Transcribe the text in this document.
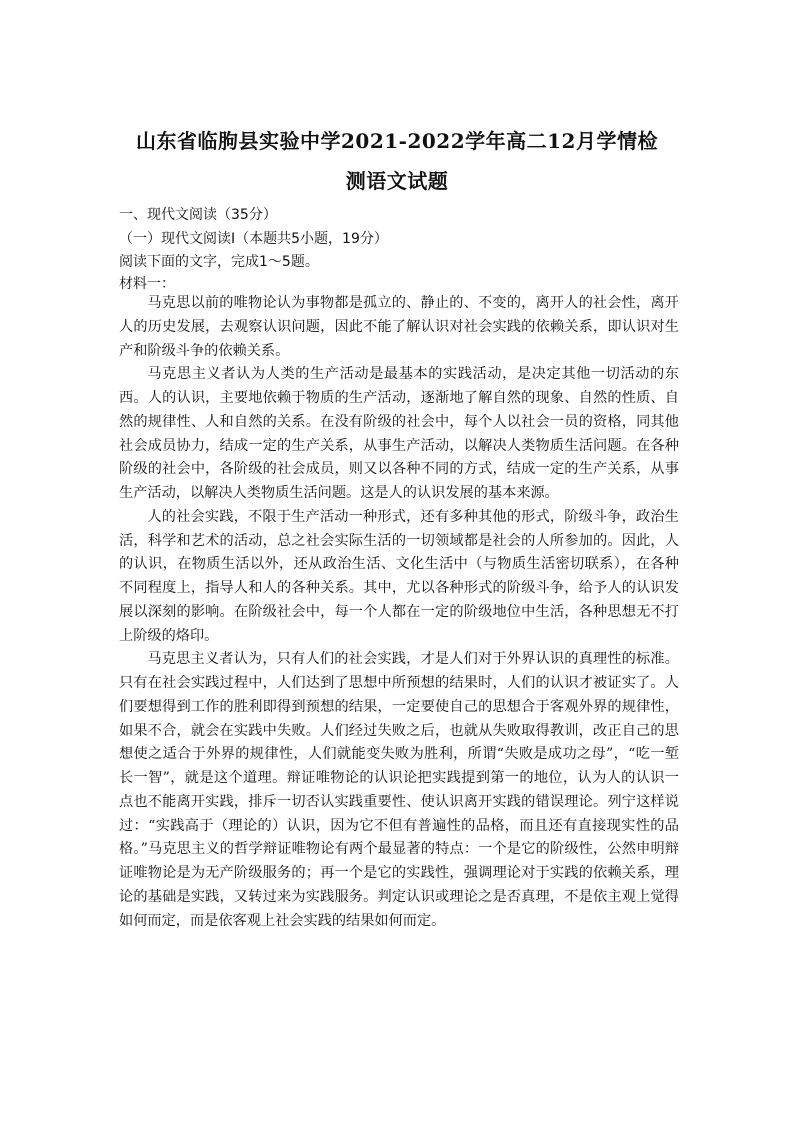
山东省临朐县实验中学2021-2022学年高二12月学情检
测语文试题
一、现代文阅读（35分）
（一）现代文阅读Ⅰ（本题共5小题，19分）
阅读下面的文字，完成1～5题。
材料一：

马克思以前的唯物论认为事物都是孤立的、静止的、不变的，离开人的社会性，离开人的历史发展，去观察认识问题，因此不能了解认识对社会实践的依赖关系，即认识对生产和阶级斗争的依赖关系。

马克思主义者认为人类的生产活动是最基本的实践活动，是决定其他一切活动的东西。人的认识，主要地依赖于物质的生产活动，逐渐地了解自然的现象、自然的性质、自然的规律性、人和自然的关系。在没有阶级的社会中，每个人以社会一员的资格，同其他社会成员协力，结成一定的生产关系，从事生产活动，以解决人类物质生活问题。在各种阶级的社会中，各阶级的社会成员，则又以各种不同的方式，结成一定的生产关系，从事生产活动，以解决人类物质生活问题。这是人的认识发展的基本来源。

人的社会实践，不限于生产活动一种形式，还有多种其他的形式，阶级斗争，政治生活，科学和艺术的活动，总之社会实际生活的一切领域都是社会的人所参加的。因此，人的认识，在物质生活以外，还从政治生活、文化生活中（与物质生活密切联系），在各种不同程度上，指导人和人的各种关系。其中，尤以各种形式的阶级斗争，给予人的认识发展以深刻的影响。在阶级社会中，每一个人都在一定的阶级地位中生活，各种思想无不打上阶级的烙印。

马克思主义者认为，只有人们的社会实践，才是人们对于外界认识的真理性的标准。只有在社会实践过程中，人们达到了思想中所预想的结果时，人们的认识才被证实了。人们要想得到工作的胜利即得到预想的结果，一定要使自己的思想合于客观外界的规律性，如果不合，就会在实践中失败。人们经过失败之后，也就从失败取得教训，改正自己的思想使之适合于外界的规律性，人们就能变失败为胜利，所谓“失败是成功之母”，“吃一堑长一智”，就是这个道理。辩证唯物论的认识论把实践提到第一的地位，认为人的认识一点也不能离开实践，排斥一切否认实践重要性、使认识离开实践的错误理论。列宁这样说过：“实践高于（理论的）认识，因为它不但有普遍性的品格，而且还有直接现实性的品格。”马克思主义的哲学辩证唯物论有两个最显著的特点：一个是它的阶级性，公然申明辩证唯物论是为无产阶级服务的；再一个是它的实践性，强调理论对于实践的依赖关系，理论的基础是实践，又转过来为实践服务。判定认识或理论之是否真理，不是依主观上觉得如何而定，而是依客观上社会实践的结果如何而定。
